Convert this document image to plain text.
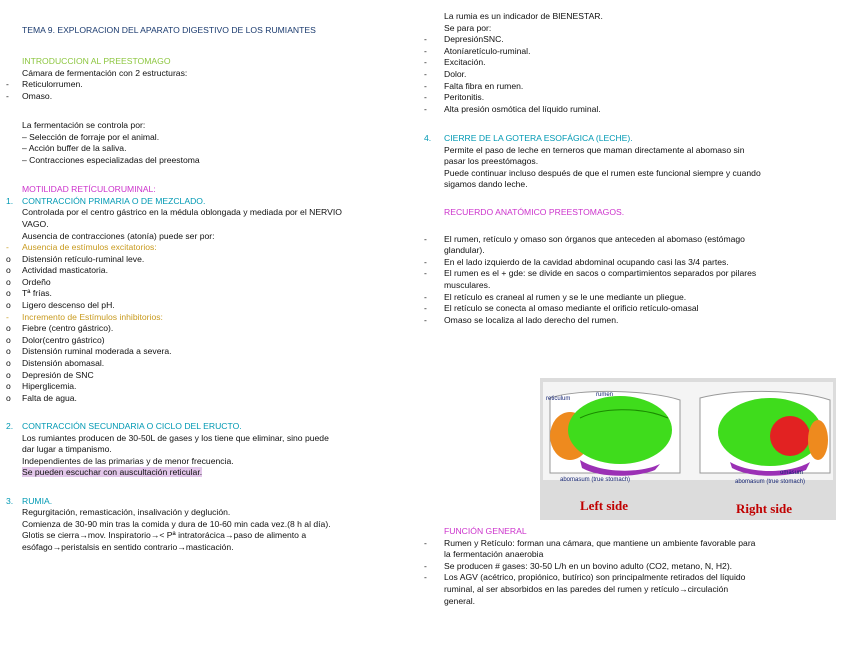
TEMA 9. EXPLORACION DEL APARATO DIGESTIVO DE LOS RUMIANTES
INTRODUCCION AL PREESTOMAGO
Cámara de fermentación con 2 estructuras:
- Reticulorrumen.
- Omaso.
La fermentación se controla por:
– Selección de forraje por el animal.
– Acción buffer de la saliva.
– Contracciones especializadas del preestoma
MOTILIDAD RETÍCULORUMINAL:
1. CONTRACCIÓN PRIMARIA O DE MEZCLADO.
Controlada por el centro gástrico en la médula oblongada y mediada por el NERVIO
VAGO.
Ausencia de contracciones (atonía) puede ser por:
- Ausencia de estímulos excitatorios:
o Distensión retículo-ruminal leve.
o Actividad masticatoria.
o Ordeño
o Tª frías.
o Ligero descenso del pH.
- Incremento de Estímulos inhibitorios:
o Fiebre (centro gástrico).
o Dolor(centro gástrico)
o Distensión ruminal moderada a severa.
o Distensión abomasal.
o Depresión de SNC
o Hiperglicemia.
o Falta de agua.
2. CONTRACCIÓN SECUNDARIA O CICLO DEL ERUCTO.
Los rumiantes producen de 30-50L de gases y los tiene que eliminar, sino puede
dar lugar a timpanismo.
Independientes de las primarias y de menor frecuencia.
Se pueden escuchar con auscultación reticular.
3. RUMIA.
Regurgitación, remasticación, insalivación y deglución.
Comienza de 30-90 min tras la comida y dura de 10-60 min cada vez.(8 h al día).
Glotis se cierra→mov. Inspiratorio→< Pª intratorácica→paso de alimento a
esófago→peristalsis en sentido contrario→masticación.
La rumia es un indicador de BIENESTAR.
Se para por:
- DepresiónSNC.
- Atoníaretículo-ruminal.
- Excitación.
- Dolor.
- Falta fibra en rumen.
- Peritonitis.
- Alta presión osmótica del líquido ruminal.
4. CIERRE DE LA GOTERA ESOFÁGICA (LECHE).
Permite el paso de leche en terneros que maman directamente al abomaso sin
pasar los preestómagos.
Puede continuar incluso después de que el rumen este funcional siempre y cuando
sigamos dando leche.
RECUERDO ANATÓMICO PREESTOMAGOS.
- El rumen, retículo y omaso son órganos que anteceden al abomaso (estómago
glandular).
- En el lado izquierdo de la cavidad abdominal ocupando casi las 3/4 partes.
- El rumen es el + gde: se divide en sacos o compartimientos separados por pilares
musculares.
- El retículo es craneal al rumen y se le une mediante un pliegue.
- El retículo se conecta al omaso mediante el orificio retículo-omasal
- Omaso se localiza al lado derecho del rumen.
reticulum
rumen
abomasum (true stomach)
omasum
abomasum (true stomach)
Left side	Right side
FUNCIÓN GENERAL
- Rumen y Retículo: forman una cámara, que mantiene un ambiente favorable para
la fermentación anaerobia
- Se producen # gases: 30-50 L/h en un bovino adulto (CO2, metano, N, H2).
- Los AGV (acétrico, propiónico, butírico) son principalmente retirados del líquido
ruminal, al ser absorbidos en las paredes del rumen y retículo→circulación
general.
